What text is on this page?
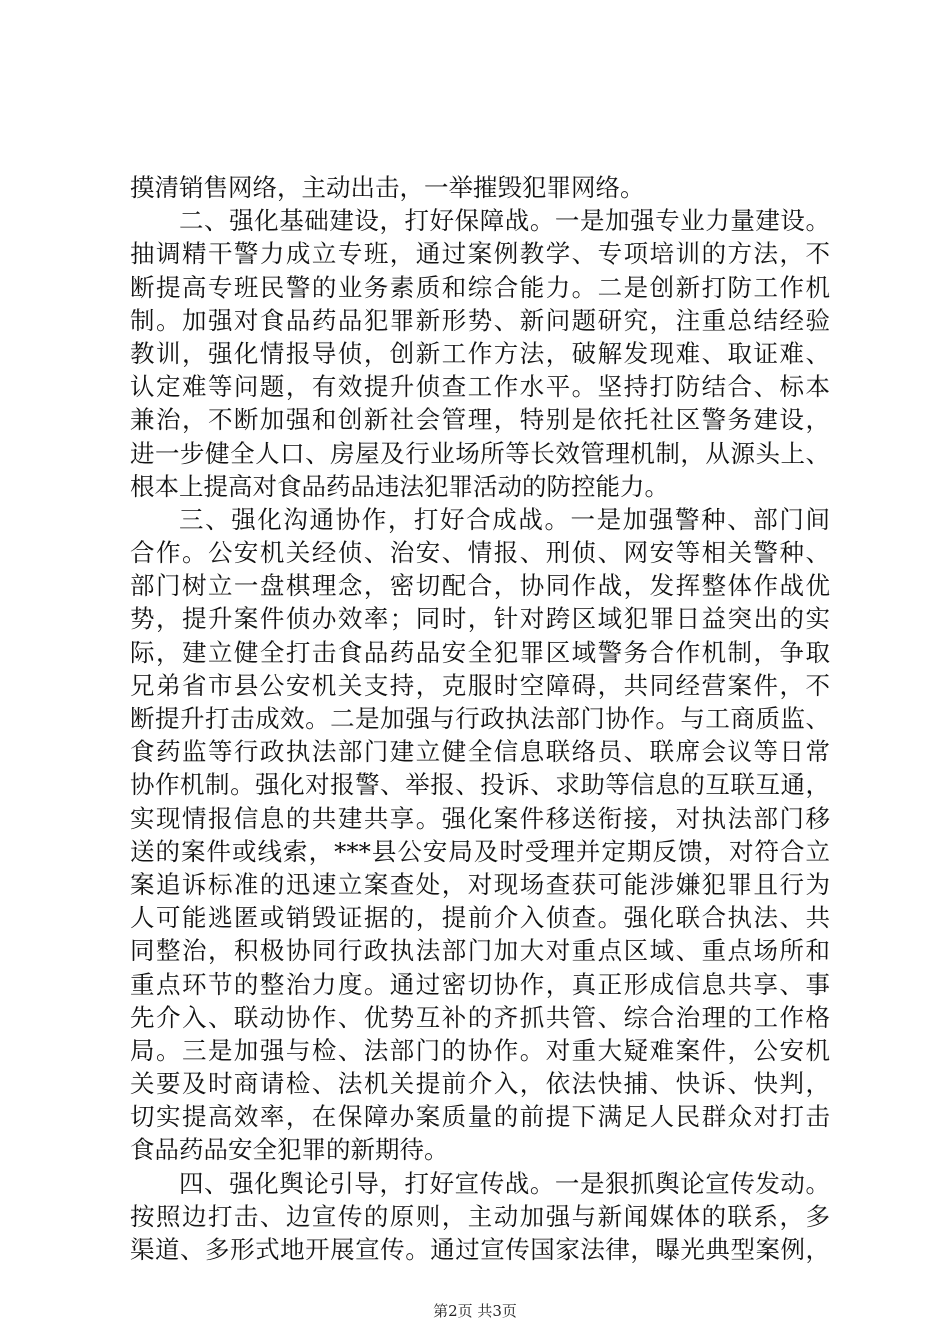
摸清销售网络，主动出击，一举摧毁犯罪网络。
二、强化基础建设，打好保障战。一是加强专业力量建设。
抽调精干警力成立专班，通过案例教学、专项培训的方法，不
断提高专班民警的业务素质和综合能力。二是创新打防工作机
制。加强对食品药品犯罪新形势、新问题研究，注重总结经验
教训，强化情报导侦，创新工作方法，破解发现难、取证难、
认定难等问题，有效提升侦查工作水平。坚持打防结合、标本
兼治，不断加强和创新社会管理，特别是依托社区警务建设，
进一步健全人口、房屋及行业场所等长效管理机制，从源头上、
根本上提高对食品药品违法犯罪活动的防控能力。
三、强化沟通协作，打好合成战。一是加强警种、部门间
合作。公安机关经侦、治安、情报、刑侦、网安等相关警种、
部门树立一盘棋理念，密切配合，协同作战，发挥整体作战优
势，提升案件侦办效率；同时，针对跨区域犯罪日益突出的实
际，建立健全打击食品药品安全犯罪区域警务合作机制，争取
兄弟省市县公安机关支持，克服时空障碍，共同经营案件，不
断提升打击成效。二是加强与行政执法部门协作。与工商质监、
食药监等行政执法部门建立健全信息联络员、联席会议等日常
协作机制。强化对报警、举报、投诉、求助等信息的互联互通，
实现情报信息的共建共享。强化案件移送衔接，对执法部门移
送的案件或线索，***县公安局及时受理并定期反馈，对符合立
案追诉标准的迅速立案查处，对现场查获可能涉嫌犯罪且行为
人可能逃匿或销毁证据的，提前介入侦查。强化联合执法、共
同整治，积极协同行政执法部门加大对重点区域、重点场所和
重点环节的整治力度。通过密切协作，真正形成信息共享、事
先介入、联动协作、优势互补的齐抓共管、综合治理的工作格
局。三是加强与检、法部门的协作。对重大疑难案件，公安机
关要及时商请检、法机关提前介入，依法快捕、快诉、快判，
切实提高效率，在保障办案质量的前提下满足人民群众对打击
食品药品安全犯罪的新期待。
四、强化舆论引导，打好宣传战。一是狠抓舆论宣传发动。
按照边打击、边宣传的原则，主动加强与新闻媒体的联系，多
渠道、多形式地开展宣传。通过宣传国家法律，曝光典型案例，
第2页 共3页
